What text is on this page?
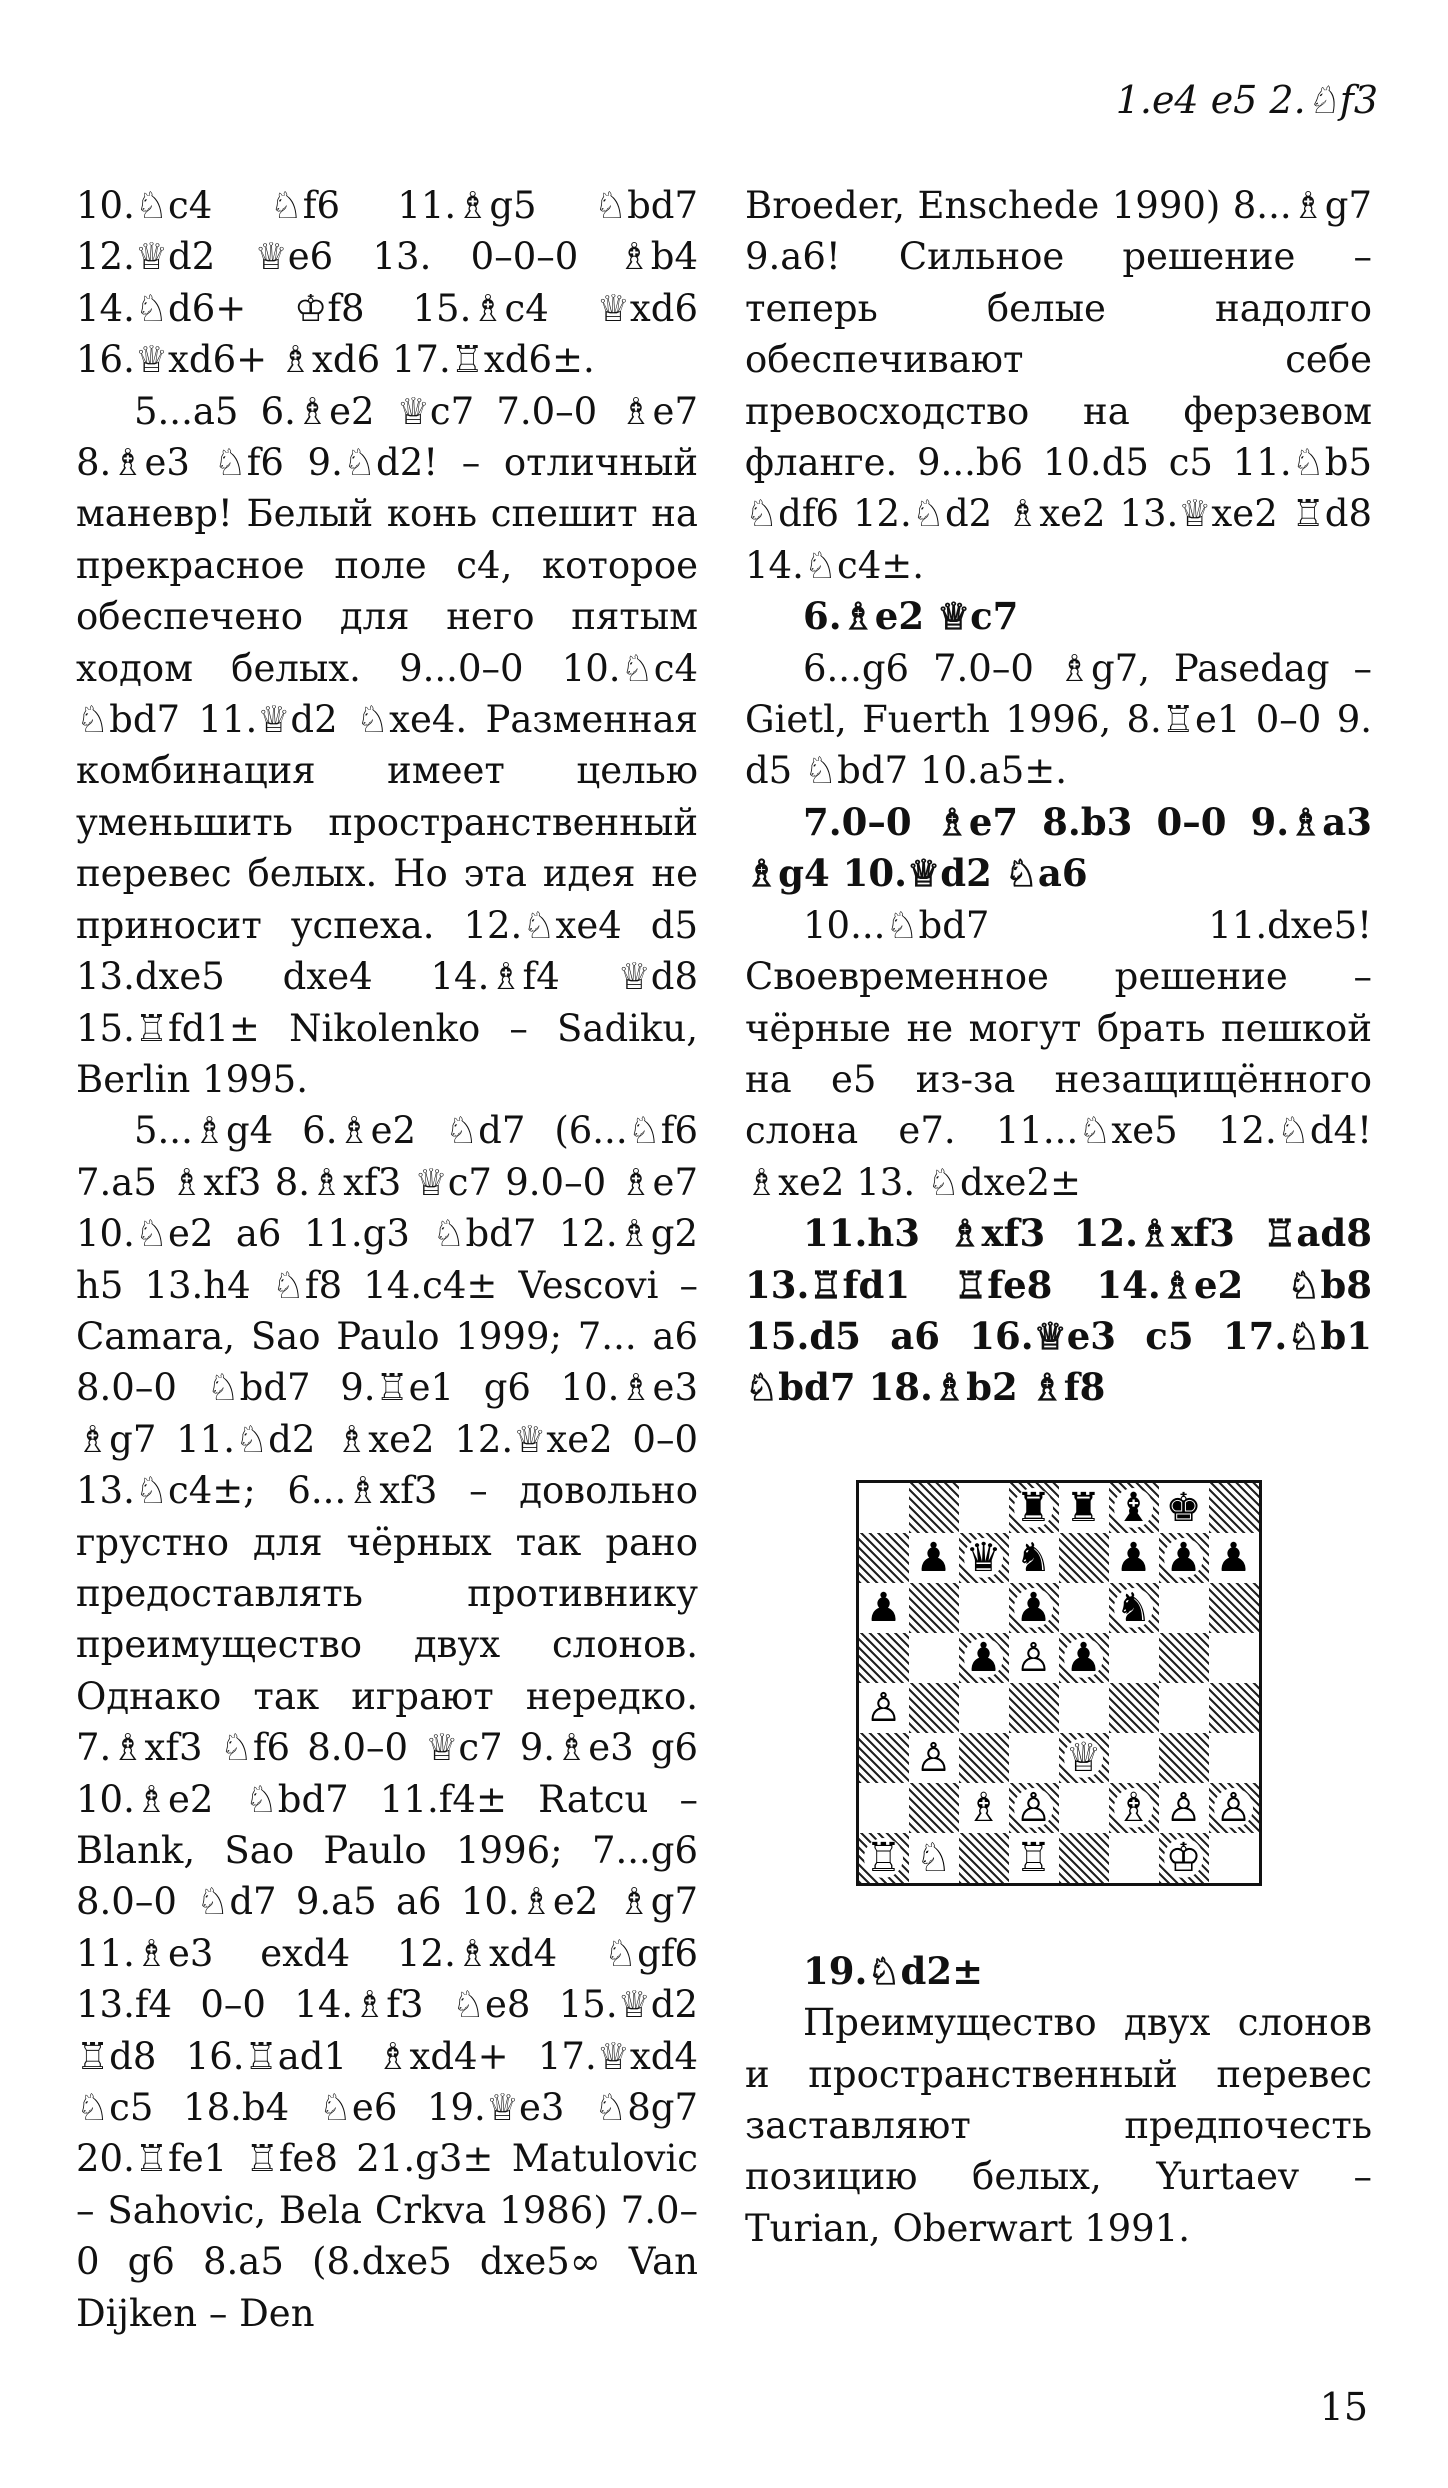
1.e4 e5 2.♘f3

10.♘c4 ♘f6 11.♗g5 ♘bd7 12.♕d2 ♕e6 13. 0–0–0 ♗b4 14.♘d6+ ♔f8 15.♗c4 ♕xd6 16.♕xd6+ ♗xd6 17.♖xd6±.

5...a5 6.♗e2 ♕c7 7.0–0 ♗e7 8.♗e3 ♘f6 9.♘d2! – отличный маневр! Белый конь спешит на прекрасное поле c4, которое обеспечено для него пятым ходом белых. 9...0–0 10.♘c4 ♘bd7 11.♕d2 ♘xe4. Разменная комбинация имеет целью уменьшить пространственный перевес белых. Но эта идея не приносит успеха. 12.♘xe4 d5 13.dxe5 dxe4 14.♗f4 ♕d8 15.♖fd1± Nikolenko – Sadiku, Berlin 1995.

5...♗g4 6.♗e2 ♘d7 (6...♘f6 7.a5 ♗xf3 8.♗xf3 ♕c7 9.0–0 ♗e7 10.♘e2 a6 11.g3 ♘bd7 12.♗g2 h5 13.h4 ♘f8 14.c4± Vescovi – Camara, Sao Paulo 1999; 7... a6 8.0–0 ♘bd7 9.♖e1 g6 10.♗e3 ♗g7 11.♘d2 ♗xe2 12.♕xe2 0–0 13.♘c4±; 6...♗xf3 – довольно грустно для чёрных так рано предоставлять противнику преимущество двух слонов. Однако так играют нередко. 7.♗xf3 ♘f6 8.0–0 ♕c7 9.♗e3 g6 10.♗e2 ♘bd7 11.f4± Ratcu – Blank, Sao Paulo 1996; 7...g6 8.0–0 ♘d7 9.a5 a6 10.♗e2 ♗g7 11.♗e3 exd4 12.♗xd4 ♘gf6 13.f4 0–0 14.♗f3 ♘e8 15.♕d2 ♖d8 16.♖ad1 ♗xd4+ 17.♕xd4 ♘c5 18.b4 ♘e6 19.♕e3 ♘8g7 20.♖fe1 ♖fe8 21.g3± Matulovic – Sahovic, Bela Crkva 1986) 7.0–0 g6 8.a5 (8.dxe5 dxe5∞ Van Dijken – Den

Broeder, Enschede 1990) 8...♗g7 9.a6! Сильное решение – теперь белые надолго обеспечивают себе превосходство на ферзевом фланге. 9...b6 10.d5 c5 11.♘b5 ♘df6 12.♘d2 ♗xe2 13.♕xe2 ♖d8 14.♘c4±.

6.♗e2 ♕c7

6...g6 7.0–0 ♗g7, Pasedag – Gietl, Fuerth 1996, 8.♖e1 0–0 9. d5 ♘bd7 10.a5±.

7.0–0 ♗e7 8.b3 0–0 9.♗a3 ♗g4 10.♕d2 ♘a6

10...♘bd7 11.dxe5! Своевременное решение – чёрные не могут брать пешкой на e5 из-за незащищённого слона e7. 11...♘xe5 12.♘d4! ♗xe2 13. ♘dxe2±

11.h3 ♗xf3 12.♗xf3 ♖ad8 13.♖fd1 ♖fe8 14.♗e2 ♘b8 15.d5 a6 16.♕e3 c5 17.♘b1 ♘bd7 18.♗b2 ♗f8

♜ ♜ ♝ ♚
♟ ♛ ♞ ♟ ♟ ♟
♟	♟ ♞
♟ ♙ ♟
♙
♙	♕
♗ ♙ ♗ ♙ ♙
♖ ♘ ♖	♔

19.♘d2±

Преимущество двух слонов и пространственный перевес заставляют предпочесть позицию белых, Yurtaev – Turian, Oberwart 1991.

15
